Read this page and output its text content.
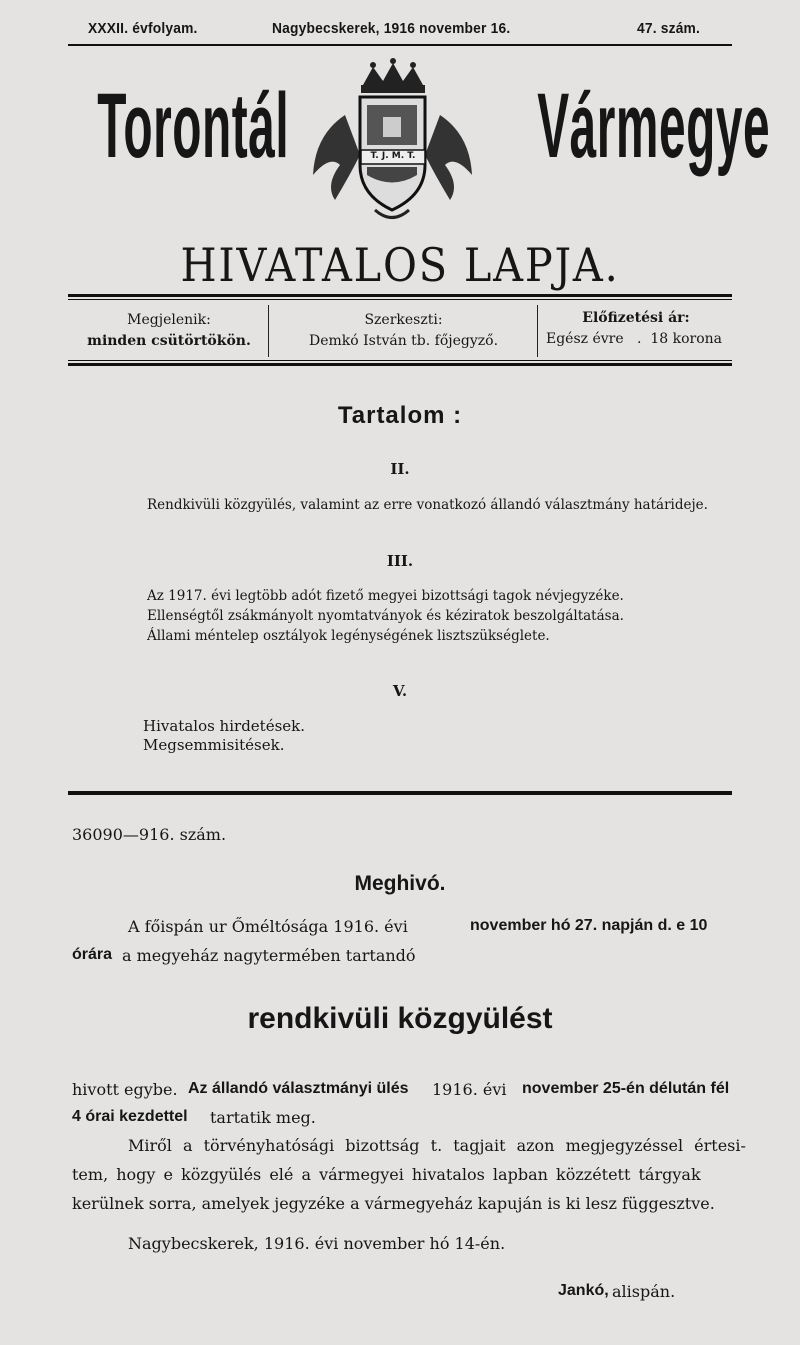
XXXII. évfolyam.	Nagybecskerek, 1916 november 16.	47. szám.
Torontál	Vármegye
T. J. M. T.
HIVATALOS LAPJA.
Megjelenik:
minden csütörtökön.
Szerkeszti:
Demkó István tb. főjegyző.
Előfizetési ár:
Egész évre   .  18 korona
Tartalom :
II.
Rendkivüli közgyülés, valamint az erre vonatkozó állandó választmány határideje.
III.
Az 1917. évi legtöbb adót fizető megyei bizottsági tagok névjegyzéke.
Ellenségtől zsákmányolt nyomtatványok és kéziratok beszolgáltatása.
Állami méntelep osztályok legénységének lisztszükséglete.
V.
Hivatalos hirdetések.
Megsemmisitések.
36090—916. szám.
Meghivó.
A főispán ur Őméltósága 1916. évi	november hó 27. napján d. e 10
órára a megyeház nagytermében tartandó
rendkivüli közgyülést
hivott egybe. Az állandó választmányi ülés 1916. évi november 25-én délután fél
4 órai kezdettel tartatik meg.
Miről a törvényhatósági bizottság t. tagjait azon megjegyzéssel értesi-
tem, hogy e közgyülés elé a vármegyei hivatalos lapban közzétett tárgyak
kerülnek sorra, amelyek jegyzéke a vármegyeház kapuján is ki lesz függesztve.
Nagybecskerek, 1916. évi november hó 14-én.
Jankó, alispán.
